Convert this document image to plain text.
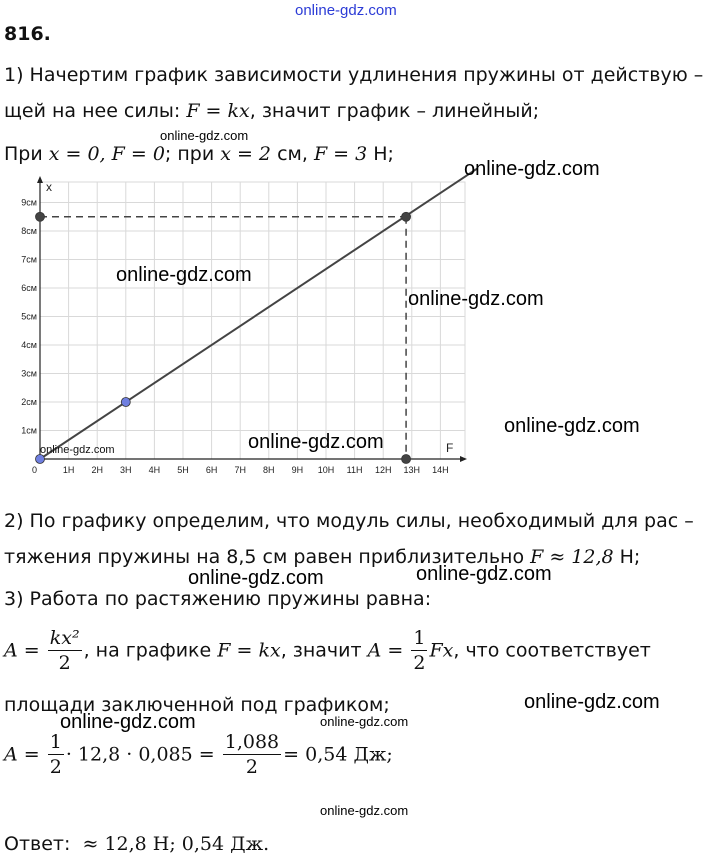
online-gdz.com
816.
1) Начертим график зависимости удлинения пружины от действую –
щей на нее силы: F = kx, значит график – линейный;
online-gdz.com
При x = 0, F = 0; при x = 2 см, F = 3 Н;
F
x
0	1Н 2Н 3Н 4Н 5Н 6Н 7Н 8Н 9Н 10Н 11Н 12Н 13Н 14Н
1см
2см
3см
4см
5см
6см
7см
8см
9см
online-gdz.com
online-gdz.com
online-gdz.com
online-gdz.com
online-gdz.com
online-gdz.com
2) По графику определим, что модуль силы, необходимый для рас –
тяжения пружины на 8,5 см равен приблизительно F ≈ 12,8 Н;
online-gdz.com	online-gdz.com
3) Работа по растяжению пружины равна:
$A = \frac{\text{kx²}}{2}$ , на графике F = kx, значит $A = \frac{1}{2} Fx$, что соответствует
площади заключенной под графиком;	online-gdz.com
online-gdz.com	online-gdz.com
$A = \frac{1}{2} \cdot 12,8 \cdot 0,085 = \frac{1,088}{2} = 0,54$ Дж;
online-gdz.com
Ответ: ≈ 12,8 Н; 0,54 Дж.
